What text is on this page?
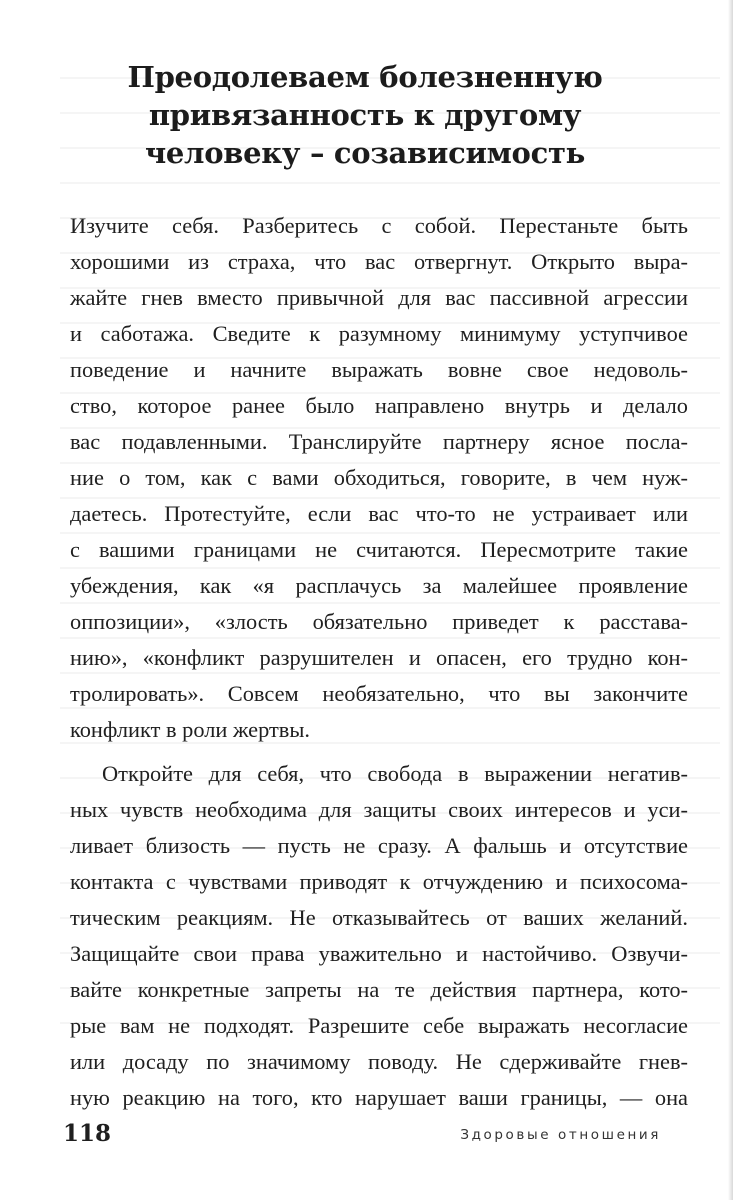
Преодолеваем болезненную
привязанность к другому
человеку – созависимость
Изучите себя. Разберитесь с собой. Перестаньте быть
хорошими из страха, что вас отвергнут. Открыто выра-
жайте гнев вместо привычной для вас пассивной агрессии
и саботажа. Сведите к разумному минимуму уступчивое
поведение и начните выражать вовне свое недоволь-
ство, которое ранее было направлено внутрь и делало
вас подавленными. Транслируйте партнеру ясное посла-
ние о том, как с вами обходиться, говорите, в чем нуж-
даетесь. Протестуйте, если вас что-то не устраивает или
с вашими границами не считаются. Пересмотрите такие
убеждения, как «я расплачусь за малейшее проявление
оппозиции», «злость обязательно приведет к расстава-
нию», «конфликт разрушителен и опасен, его трудно кон-
тролировать». Совсем необязательно, что вы закончите
конфликт в роли жертвы.
Откройте для себя, что свобода в выражении негатив-
ных чувств необходима для защиты своих интересов и уси-
ливает близость — пусть не сразу. А фальшь и отсутствие
контакта с чувствами приводят к отчуждению и психосома-
тическим реакциям. Не отказывайтесь от ваших желаний.
Защищайте свои права уважительно и настойчиво. Озвучи-
вайте конкретные запреты на те действия партнера, кото-
рые вам не подходят. Разрешите себе выражать несогласие
или досаду по значимому поводу. Не сдерживайте гнев-
ную реакцию на того, кто нарушает ваши границы, — она
118	Здоровые отношения
